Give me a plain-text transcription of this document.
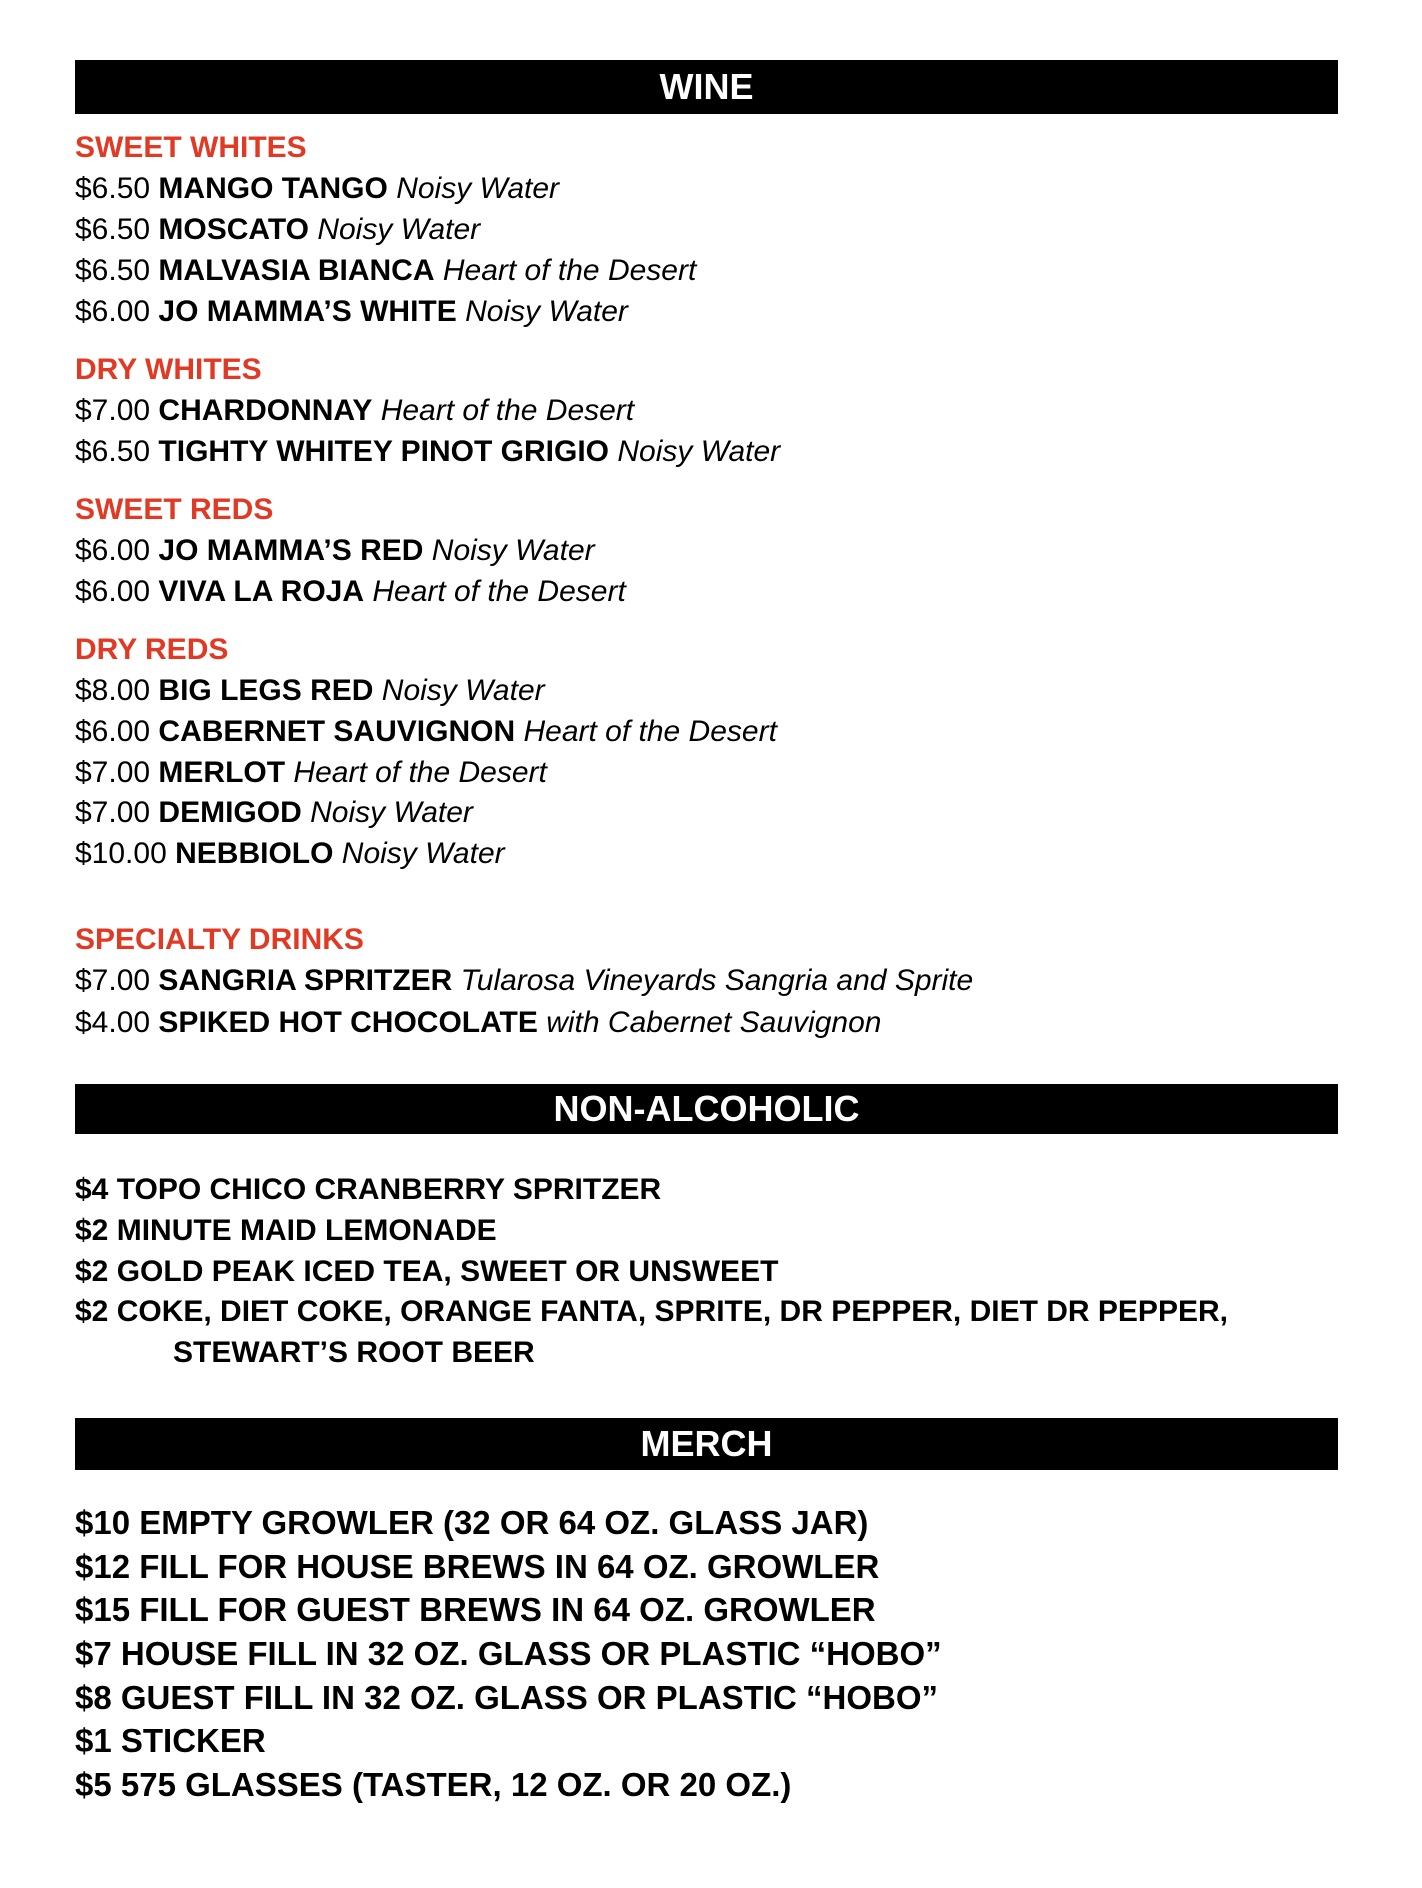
WINE
SWEET WHITES
$6.50 MANGO TANGO Noisy Water
$6.50 MOSCATO Noisy Water
$6.50 MALVASIA BIANCA Heart of the Desert
$6.00 JO MAMMA’S WHITE Noisy Water
DRY WHITES
$7.00 CHARDONNAY Heart of the Desert
$6.50 TIGHTY WHITEY PINOT GRIGIO Noisy Water
SWEET REDS
$6.00 JO MAMMA’S RED Noisy Water
$6.00 VIVA LA ROJA Heart of the Desert
DRY REDS
$8.00 BIG LEGS RED Noisy Water
$6.00 CABERNET SAUVIGNON Heart of the Desert
$7.00 MERLOT Heart of the Desert
$7.00 DEMIGOD Noisy Water
$10.00 NEBBIOLO Noisy Water
SPECIALTY DRINKS
$7.00 SANGRIA SPRITZER Tularosa Vineyards Sangria and Sprite
$4.00 SPIKED HOT CHOCOLATE with Cabernet Sauvignon
NON-ALCOHOLIC
$4 TOPO CHICO CRANBERRY SPRITZER
$2 MINUTE MAID LEMONADE
$2 GOLD PEAK ICED TEA, SWEET OR UNSWEET
$2 COKE, DIET COKE, ORANGE FANTA, SPRITE, DR PEPPER, DIET DR PEPPER,
STEWART’S ROOT BEER
MERCH
$10 EMPTY GROWLER (32 OR 64 OZ. GLASS JAR)
$12 FILL FOR HOUSE BREWS IN 64 OZ. GROWLER
$15 FILL FOR GUEST BREWS IN 64 OZ. GROWLER
$7 HOUSE FILL IN 32 OZ. GLASS OR PLASTIC “HOBO”
$8 GUEST FILL IN 32 OZ. GLASS OR PLASTIC “HOBO”
$1 STICKER
$5 575 GLASSES (TASTER, 12 OZ. OR 20 OZ.)
